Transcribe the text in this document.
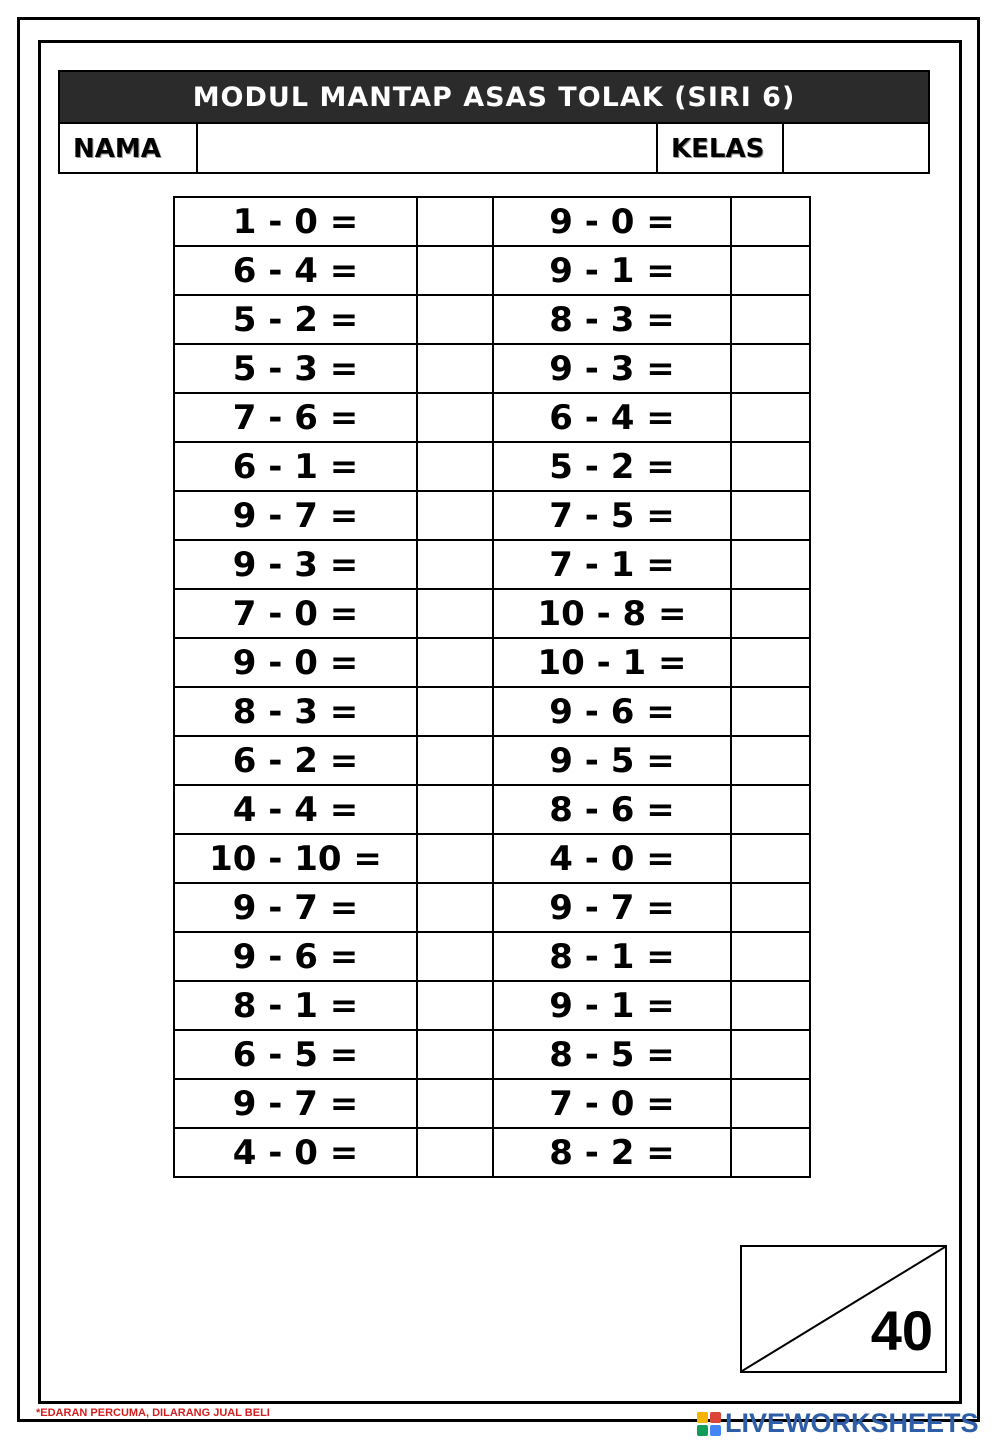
MODUL MANTAP ASAS TOLAK (SIRI 6)
NAMA	KELAS
1 - 0 =		9 - 0 =	
6 - 4 =		9 - 1 =	
5 - 2 =		8 - 3 =	
5 - 3 =		9 - 3 =	
7 - 6 =		6 - 4 =	
6 - 1 =		5 - 2 =	
9 - 7 =		7 - 5 =	
9 - 3 =		7 - 1 =	
7 - 0 =		10 - 8 =	
9 - 0 =		10 - 1 =	
8 - 3 =		9 - 6 =	
6 - 2 =		9 - 5 =	
4 - 4 =		8 - 6 =	
10 - 10 =		4 - 0 =	
9 - 7 =		9 - 7 =	
9 - 6 =		8 - 1 =	
8 - 1 =		9 - 1 =	
6 - 5 =		8 - 5 =	
9 - 7 =		7 - 0 =	
4 - 0 =		8 - 2 =	
40
*EDARAN PERCUMA, DILARANG JUAL BELI	LIVEWORKSHEETS
